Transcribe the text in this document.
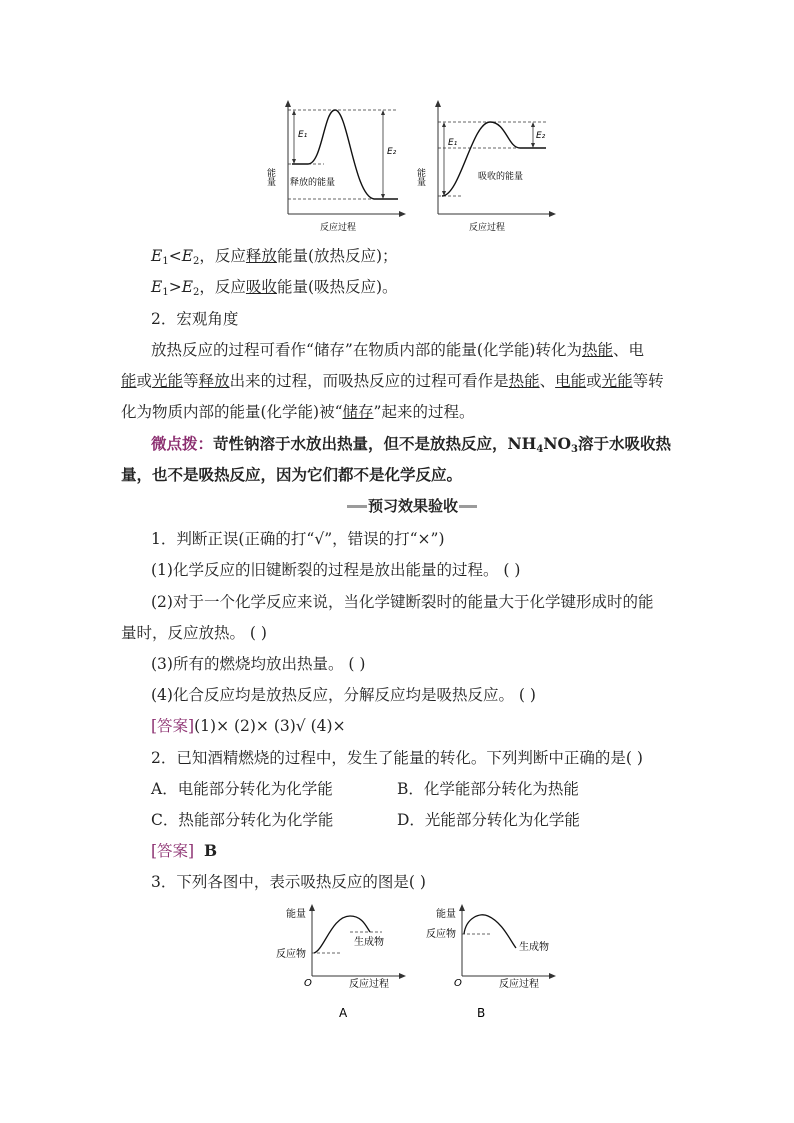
能量
E₁
E₂
释放的能量
反应过程
能量
E₁
E₂
吸收的能量
反应过程
$E_1<E_2$，反应释放能量(放热反应)；
$E_1>E_2$，反应吸收能量(吸热反应)。
2．宏观角度
放热反应的过程可看作“储存”在物质内部的能量(化学能)转化为热能、电
能或光能等释放出来的过程，而吸热反应的过程可看作是热能、电能或光能等转
化为物质内部的能量(化学能)被“储存”起来的过程。
微点拨：苛性钠溶于水放出热量，但不是放热反应，$NH_4NO_3$溶于水吸收热
量，也不是吸热反应，因为它们都不是化学反应。
预习效果验收
1．判断正误(正确的打“√”，错误的打“×”)
(1)化学反应的旧键断裂的过程是放出能量的过程。 ( )
(2)对于一个化学反应来说，当化学键断裂时的能量大于化学键形成时的能
量时，反应放热。 ( )
(3)所有的燃烧均放出热量。 ( )
(4)化合反应均是放热反应，分解反应均是吸热反应。 ( )
[答案](1)× (2)× (3)√ (4)×
2．已知酒精燃烧的过程中，发生了能量的转化。下列判断中正确的是( )
A．电能部分转化为化学能	B．化学能部分转化为热能
C．热能部分转化为化学能	D．光能部分转化为化学能
[答案] B
3．下列各图中，表示吸热反应的图是( )
能量
反应物
生成物
O	反应过程
A
能量
反应物
生成物
O	反应过程
B
